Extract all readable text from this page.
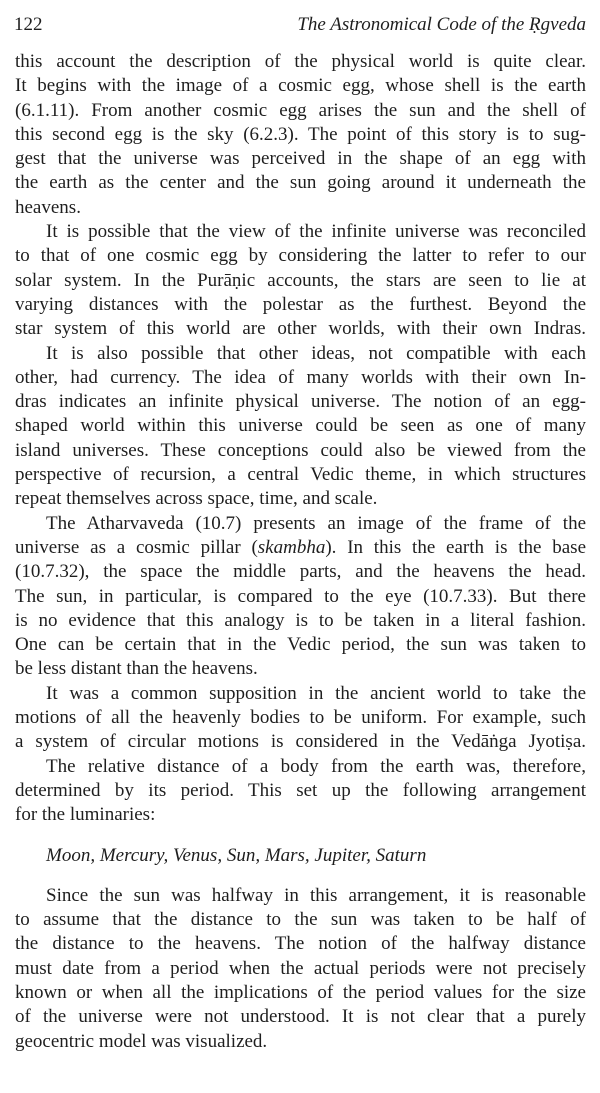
122	The Astronomical Code of the Ṛgveda
this account the description of the physical world is quite clear.
It begins with the image of a cosmic egg, whose shell is the earth
(6.1.11). From another cosmic egg arises the sun and the shell of
this second egg is the sky (6.2.3). The point of this story is to sug-
gest that the universe was perceived in the shape of an egg with
the earth as the center and the sun going around it underneath the
heavens.
It is possible that the view of the infinite universe was reconciled
to that of one cosmic egg by considering the latter to refer to our
solar system. In the Purāṇic accounts, the stars are seen to lie at
varying distances with the polestar as the furthest. Beyond the
star system of this world are other worlds, with their own Indras.
It is also possible that other ideas, not compatible with each
other, had currency. The idea of many worlds with their own In-
dras indicates an infinite physical universe. The notion of an egg-
shaped world within this universe could be seen as one of many
island universes. These conceptions could also be viewed from the
perspective of recursion, a central Vedic theme, in which structures
repeat themselves across space, time, and scale.
The Atharvaveda (10.7) presents an image of the frame of the
universe as a cosmic pillar (skambha). In this the earth is the base
(10.7.32), the space the middle parts, and the heavens the head.
The sun, in particular, is compared to the eye (10.7.33). But there
is no evidence that this analogy is to be taken in a literal fashion.
One can be certain that in the Vedic period, the sun was taken to
be less distant than the heavens.
It was a common supposition in the ancient world to take the
motions of all the heavenly bodies to be uniform. For example, such
a system of circular motions is considered in the Vedāṅga Jyotiṣa.
The relative distance of a body from the earth was, therefore,
determined by its period. This set up the following arrangement
for the luminaries:
Moon, Mercury, Venus, Sun, Mars, Jupiter, Saturn
Since the sun was halfway in this arrangement, it is reasonable
to assume that the distance to the sun was taken to be half of
the distance to the heavens. The notion of the halfway distance
must date from a period when the actual periods were not precisely
known or when all the implications of the period values for the size
of the universe were not understood. It is not clear that a purely
geocentric model was visualized.
